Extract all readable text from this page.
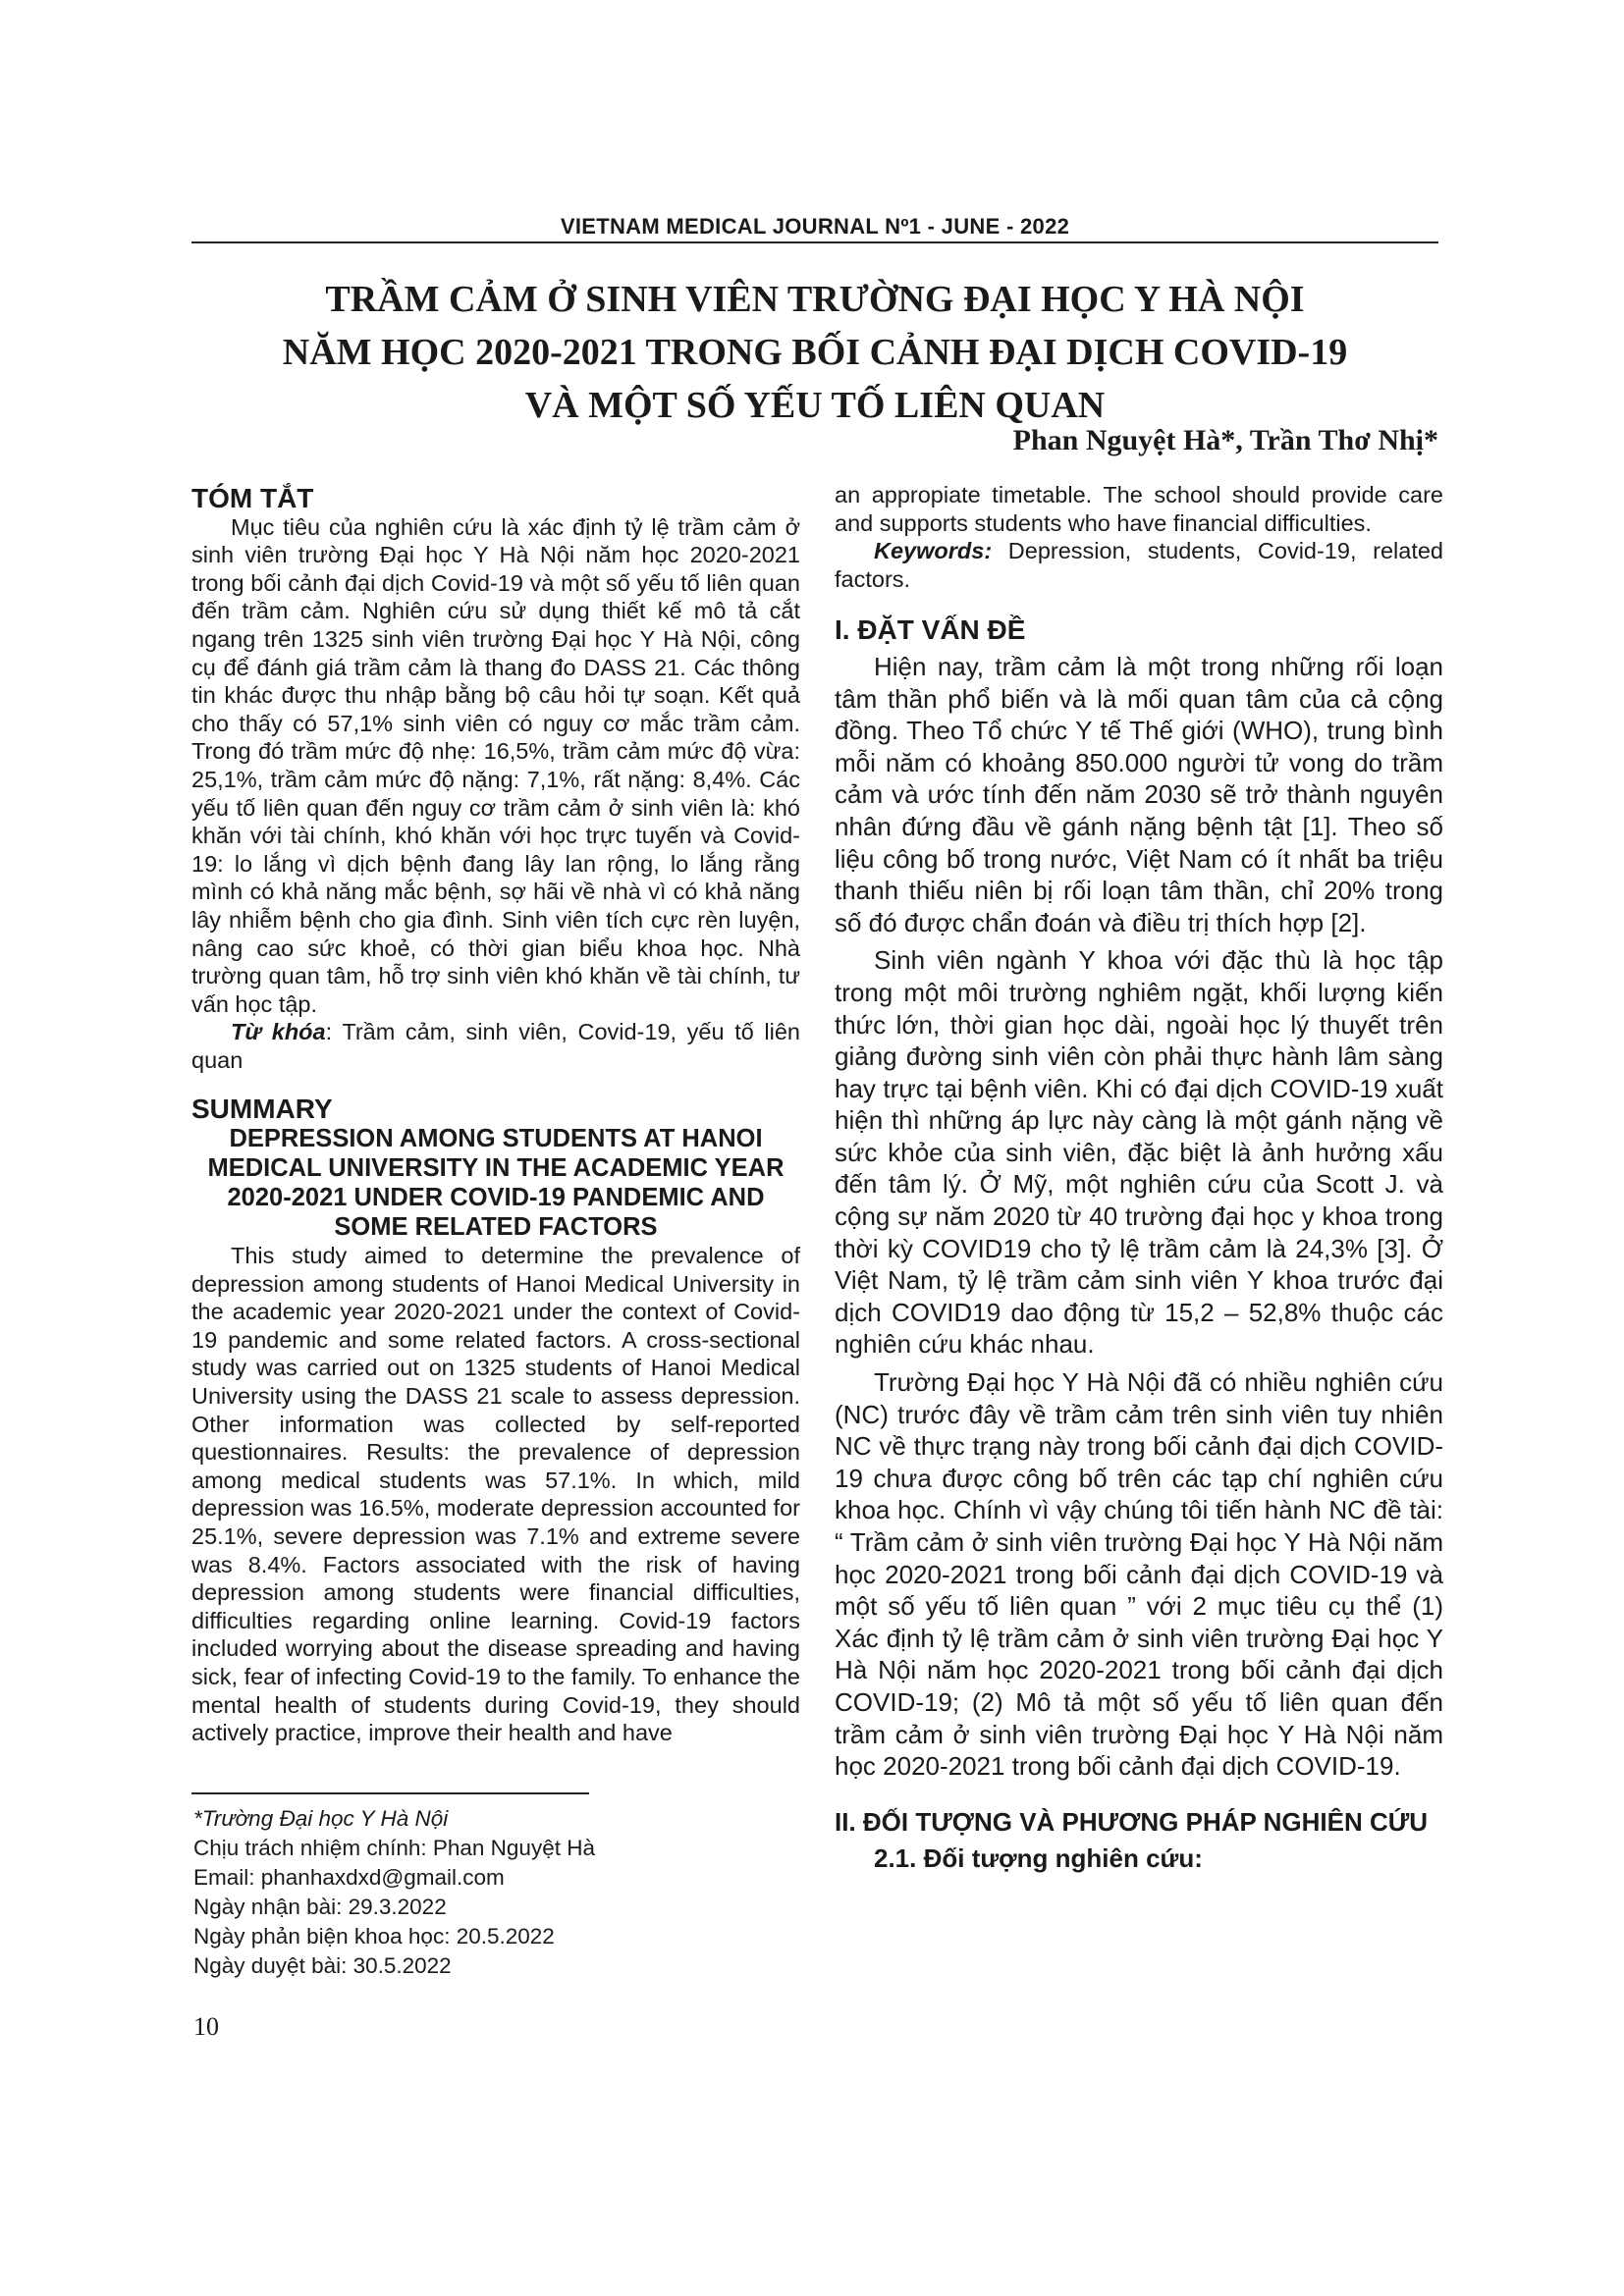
VIETNAM MEDICAL JOURNAL Nº1 - JUNE - 2022
TRẦM CẢM Ở SINH VIÊN TRƯỜNG ĐẠI HỌC Y HÀ NỘI
NĂM HỌC 2020-2021 TRONG BỐI CẢNH ĐẠI DỊCH COVID-19
VÀ MỘT SỐ YẾU TỐ LIÊN QUAN
Phan Nguyệt Hà*, Trần Thơ Nhị*
TÓM TẮT

Mục tiêu của nghiên cứu là xác định tỷ lệ trầm cảm ở sinh viên trường Đại học Y Hà Nội năm học 2020-2021 trong bối cảnh đại dịch Covid-19 và một số yếu tố liên quan đến trầm cảm. Nghiên cứu sử dụng thiết kế mô tả cắt ngang trên 1325 sinh viên trường Đại học Y Hà Nội, công cụ để đánh giá trầm cảm là thang đo DASS 21. Các thông tin khác được thu nhập bằng bộ câu hỏi tự soạn. Kết quả cho thấy có 57,1% sinh viên có nguy cơ mắc trầm cảm. Trong đó trầm mức độ nhẹ: 16,5%, trầm cảm mức độ vừa: 25,1%, trầm cảm mức độ nặng: 7,1%, rất nặng: 8,4%. Các yếu tố liên quan đến nguy cơ trầm cảm ở sinh viên là: khó khăn với tài chính, khó khăn với học trực tuyến và Covid-19: lo lắng vì dịch bệnh đang lây lan rộng, lo lắng rằng mình có khả năng mắc bệnh, sợ hãi về nhà vì có khả năng lây nhiễm bệnh cho gia đình. Sinh viên tích cực rèn luyện, nâng cao sức khoẻ, có thời gian biểu khoa học. Nhà trường quan tâm, hỗ trợ sinh viên khó khăn về tài chính, tư vấn học tập.

Từ khóa: Trầm cảm, sinh viên, Covid-19, yếu tố liên quan

SUMMARY
DEPRESSION AMONG STUDENTS AT HANOI MEDICAL UNIVERSITY IN THE ACADEMIC YEAR 2020-2021 UNDER COVID-19 PANDEMIC AND SOME RELATED FACTORS

This study aimed to determine the prevalence of depression among students of Hanoi Medical University in the academic year 2020-2021 under the context of Covid-19 pandemic and some related factors. A cross-sectional study was carried out on 1325 students of Hanoi Medical University using the DASS 21 scale to assess depression. Other information was collected by self-reported questionnaires. Results: the prevalence of depression among medical students was 57.1%. In which, mild depression was 16.5%, moderate depression accounted for 25.1%, severe depression was 7.1% and extreme severe was 8.4%. Factors associated with the risk of having depression among students were financial difficulties, difficulties regarding online learning. Covid-19 factors included worrying about the disease spreading and having sick, fear of infecting Covid-19 to the family. To enhance the mental health of students during Covid-19, they should actively practice, improve their health and have

an appropiate timetable. The school should provide care and supports students who have financial difficulties.

Keywords: Depression, students, Covid-19, related factors.

I. ĐẶT VẤN ĐỀ

Hiện nay, trầm cảm là một trong những rối loạn tâm thần phổ biến và là mối quan tâm của cả cộng đồng. Theo Tổ chức Y tế Thế giới (WHO), trung bình mỗi năm có khoảng 850.000 người tử vong do trầm cảm và ước tính đến năm 2030 sẽ trở thành nguyên nhân đứng đầu về gánh nặng bệnh tật [1]. Theo số liệu công bố trong nước, Việt Nam có ít nhất ba triệu thanh thiếu niên bị rối loạn tâm thần, chỉ 20% trong số đó được chẩn đoán và điều trị thích hợp [2].

Sinh viên ngành Y khoa với đặc thù là học tập trong một môi trường nghiêm ngặt, khối lượng kiến thức lớn, thời gian học dài, ngoài học lý thuyết trên giảng đường sinh viên còn phải thực hành lâm sàng hay trực tại bệnh viên. Khi có đại dịch COVID-19 xuất hiện thì những áp lực này càng là một gánh nặng về sức khỏe của sinh viên, đặc biệt là ảnh hưởng xấu đến tâm lý. Ở Mỹ, một nghiên cứu của Scott J. và cộng sự năm 2020 từ 40 trường đại học y khoa trong thời kỳ COVID19 cho tỷ lệ trầm cảm là 24,3% [3]. Ở Việt Nam, tỷ lệ trầm cảm sinh viên Y khoa trước đại dịch COVID19 dao động từ 15,2 – 52,8% thuộc các nghiên cứu khác nhau.

Trường Đại học Y Hà Nội đã có nhiều nghiên cứu (NC) trước đây về trầm cảm trên sinh viên tuy nhiên NC về thực trạng này trong bối cảnh đại dịch COVID-19 chưa được công bố trên các tạp chí nghiên cứu khoa học. Chính vì vậy chúng tôi tiến hành NC đề tài: “ Trầm cảm ở sinh viên trường Đại học Y Hà Nội năm học 2020-2021 trong bối cảnh đại dịch COVID-19 và một số yếu tố liên quan ” với 2 mục tiêu cụ thể (1) Xác định tỷ lệ trầm cảm ở sinh viên trường Đại học Y Hà Nội năm học 2020-2021 trong bối cảnh đại dịch COVID-19; (2) Mô tả một số yếu tố liên quan đến trầm cảm ở sinh viên trường Đại học Y Hà Nội năm học 2020-2021 trong bối cảnh đại dịch COVID-19.

II. ĐỐI TƯỢNG VÀ PHƯƠNG PHÁP NGHIÊN CỨU
2.1. Đối tượng nghiên cứu:
*Trường Đại học Y Hà Nội
Chịu trách nhiệm chính: Phan Nguyệt Hà
Email: phanhaxdxd@gmail.com
Ngày nhận bài: 29.3.2022
Ngày phản biện khoa học: 20.5.2022
Ngày duyệt bài: 30.5.2022
10
